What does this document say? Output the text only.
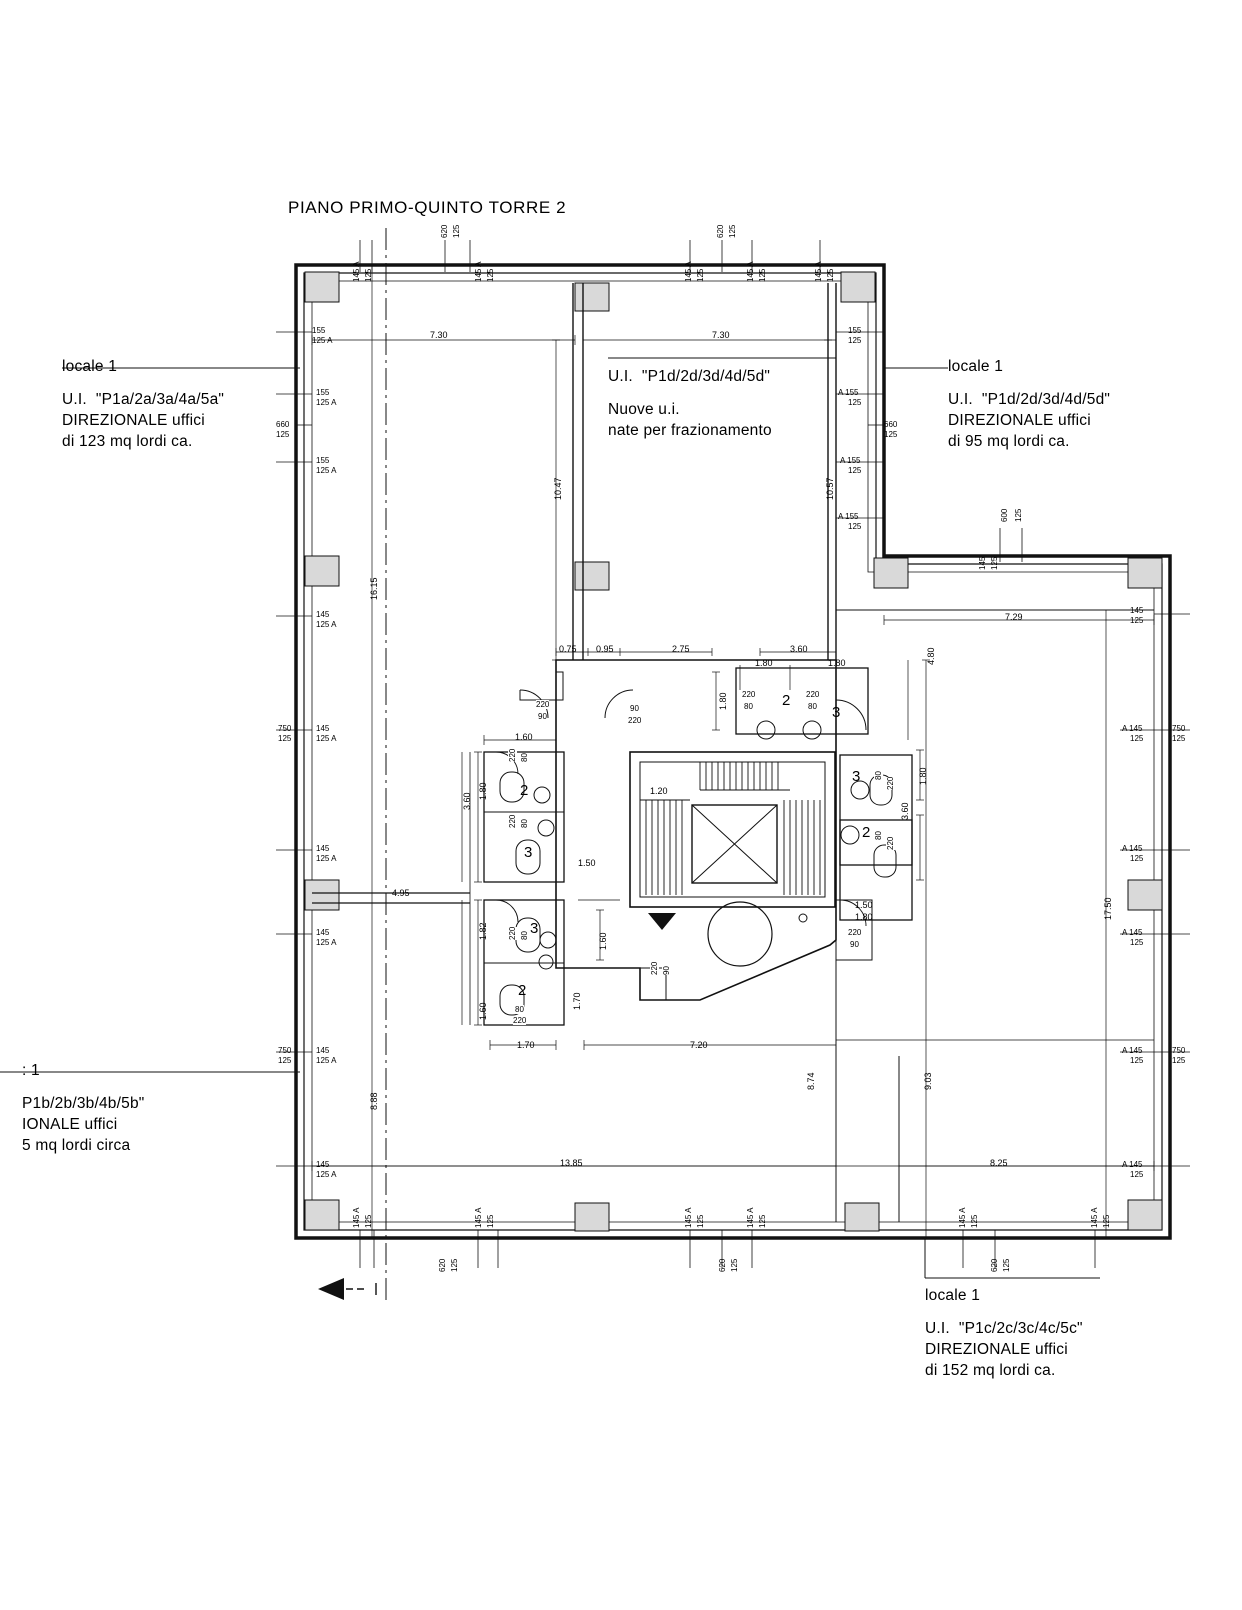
PIANO PRIMO-QUINTO TORRE 2
locale 1
U.I.  "P1a/2a/3a/4a/5a"
DIREZIONALE uffici
di 123 mq lordi ca.
U.I.  "P1d/2d/3d/4d/5d"
Nuove u.i.
nate per frazionamento
locale 1
U.I.  "P1d/2d/3d/4d/5d"
DIREZIONALE uffici
di 95 mq lordi ca.
: 1
P1b/2b/3b/4b/5b"
IONALE uffici
5 mq lordi circa
locale 1
U.I.  "P1c/2c/3c/4c/5c"
DIREZIONALE uffici
di 152 mq lordi ca.
7.30	7.30
10.47	10.57
16.15
8.88
17.50
9.03
13.85	8.25
7.29
0.75 0.95	2.75	3.60
1.80	1.80
1.80
4.80
1.80
1.60
1.80
1.50
1.20
1.50
1.80
1.70	7.20
4.95
3.60
3.60
1.82
1.60
1.60
1.70
8.74
145 A 125	145 A 125	145 A 125	145 A 125	145 A 125
620 125	620 125
155
125 A
155
125 A
660
125
155
125 A
145
125 A
145
125 A
750
125
145
125 A
145
125 A
145
125 A
750
125
145
125 A
155
125
A 155
125
660
125
A 155
125
A 155
125
600 125
145 125
145
125
A 145
125
750
125
A 145
125
A 145
125
A 145
125
750
125
A 145
125
145 A 125	145 A 125	145 A 125	145 A 125	145 A 125	145 A 125
620 125
620 125	620 125
220
90
90
220
220
80
220
80
220 80
220 80
220 80
80
220
220 90
220
90
80
220
80
220
2
3
2
3
3
2
3
2
